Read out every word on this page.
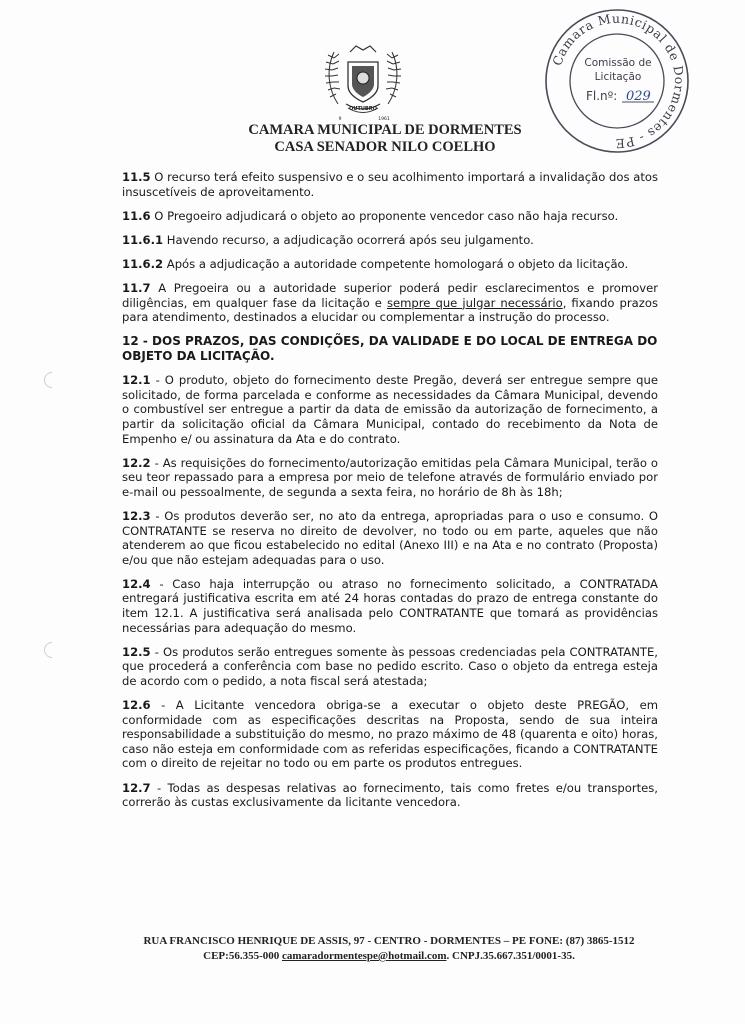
OUTUBRO
9	1961
CAMARA MUNICIPAL DE DORMENTES
CASA SENADOR NILO COELHO
Camara Municipal de Dormentes - PE
Comissão de
Licitação
Fl.nº: 029

11.5 O recurso terá efeito suspensivo e o seu acolhimento importará a invalidação dos atos insuscetíveis de aproveitamento.

11.6 O Pregoeiro adjudicará o objeto ao proponente vencedor caso não haja recurso.

11.6.1 Havendo recurso, a adjudicação ocorrerá após seu julgamento.

11.6.2 Após a adjudicação a autoridade competente homologará o objeto da licitação.

11.7 A Pregoeira ou a autoridade superior poderá pedir esclarecimentos e promover diligências, em qualquer fase da licitação e sempre que julgar necessário, fixando prazos para atendimento, destinados a elucidar ou complementar a instrução do processo.

12 - DOS PRAZOS, DAS CONDIÇÕES, DA VALIDADE E DO LOCAL DE ENTREGA DO OBJETO DA LICITAÇÃO.

12.1 - O produto, objeto do fornecimento deste Pregão, deverá ser entregue sempre que solicitado, de forma parcelada e conforme as necessidades da Câmara Municipal, devendo o combustível ser entregue a partir da data de emissão da autorização de fornecimento, a partir da solicitação oficial da Câmara Municipal, contado do recebimento da Nota de Empenho e/ ou assinatura da Ata e do contrato.

12.2 - As requisições do fornecimento/autorização emitidas pela Câmara Municipal, terão o seu teor repassado para a empresa por meio de telefone através de formulário enviado por e-mail ou pessoalmente, de segunda a sexta feira, no horário de 8h às 18h;

12.3 - Os produtos deverão ser, no ato da entrega, apropriadas para o uso e consumo. O CONTRATANTE se reserva no direito de devolver, no todo ou em parte, aqueles que não atenderem ao que ficou estabelecido no edital (Anexo III) e na Ata e no contrato (Proposta) e/ou que não estejam adequadas para o uso.

12.4 - Caso haja interrupção ou atraso no fornecimento solicitado, a CONTRATADA entregará justificativa escrita em até 24 horas contadas do prazo de entrega constante do item 12.1. A justificativa será analisada pelo CONTRATANTE que tomará as providências necessárias para adequação do mesmo.

12.5 - Os produtos serão entregues somente às pessoas credenciadas pela CONTRATANTE, que procederá a conferência com base no pedido escrito. Caso o objeto da entrega esteja de acordo com o pedido, a nota fiscal será atestada;

12.6 - A Licitante vencedora obriga-se a executar o objeto deste PREGÃO, em conformidade com as especificações descritas na Proposta, sendo de sua inteira responsabilidade a substituição do mesmo, no prazo máximo de 48 (quarenta e oito) horas, caso não esteja em conformidade com as referidas especificações, ficando a CONTRATANTE com o direito de rejeitar no todo ou em parte os produtos entregues.

12.7 - Todas as despesas relativas ao fornecimento, tais como fretes e/ou transportes, correrão às custas exclusivamente da licitante vencedora.

RUA FRANCISCO HENRIQUE DE ASSIS, 97 - CENTRO - DORMENTES – PE FONE: (87) 3865-1512
CEP:56.355-000 camaradormentespe@hotmail.com. CNPJ.35.667.351/0001-35.
